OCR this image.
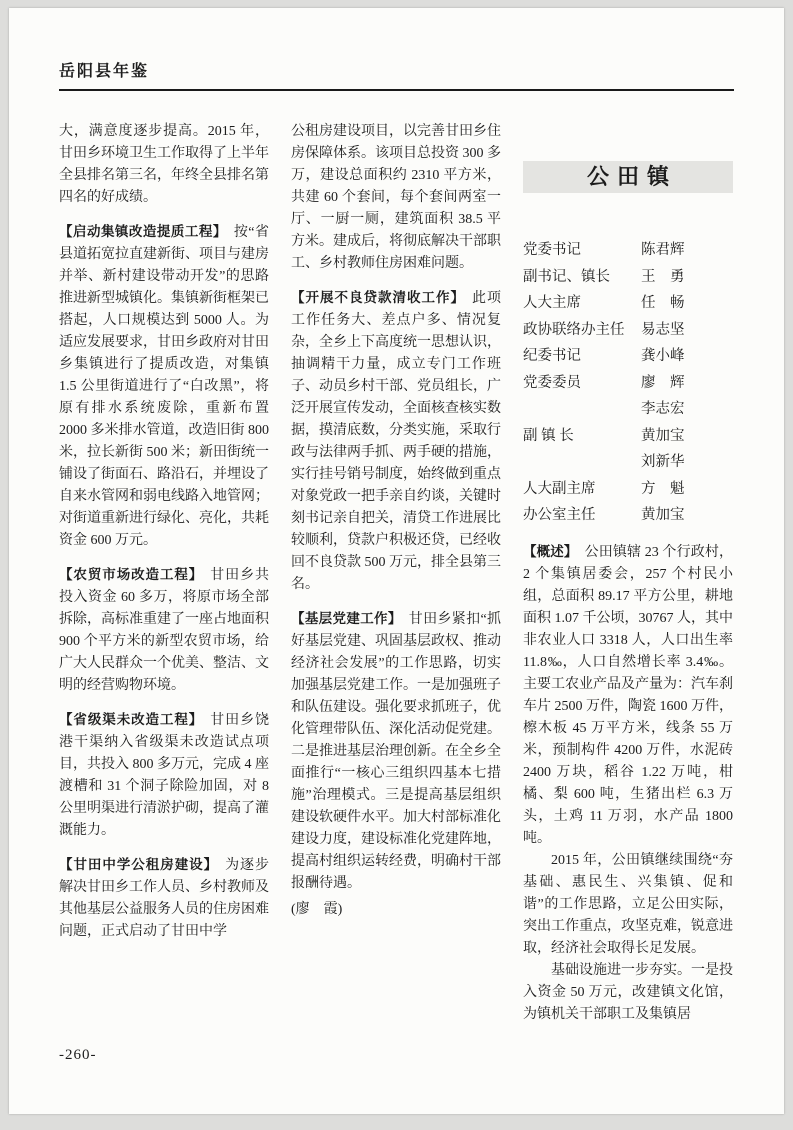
岳阳县年鉴

大，满意度逐步提高。2015 年，甘田乡环境卫生工作取得了上半年全县排名第三名，年终全县排名第四名的好成绩。

【启动集镇改造提质工程】 按“省县道拓宽拉直建新街、项目与建房并举、新村建设带动开发”的思路推进新型城镇化。集镇新街框架已搭起，人口规模达到 5000 人。为适应发展要求，甘田乡政府对甘田乡集镇进行了提质改造，对集镇 1.5 公里街道进行了“白改黑”，将原有排水系统废除，重新布置 2000 多米排水管道，改造旧街 800 米，拉长新街 500 米；新田街统一铺设了街面石、路沿石，并埋设了自来水管网和弱电线路入地管网；对街道重新进行绿化、亮化，共耗资金 600 万元。

【农贸市场改造工程】 甘田乡共投入资金 60 多万，将原市场全部拆除，高标准重建了一座占地面积 900 个平方米的新型农贸市场，给广大人民群众一个优美、整洁、文明的经营购物环境。

【省级渠未改造工程】 甘田乡饶港干渠纳入省级渠未改造试点项目，共投入 800 多万元，完成 4 座渡槽和 31 个洞子除险加固，对 8 公里明渠进行清淤护砌，提高了灌溉能力。

【甘田中学公租房建设】 为逐步解决甘田乡工作人员、乡村教师及其他基层公益服务人员的住房困难问题，正式启动了甘田中学

公租房建设项目，以完善甘田乡住房保障体系。该项目总投资 300 多万，建设总面积约 2310 平方米，共建 60 个套间，每个套间两室一厅、一厨一厕，建筑面积 38.5 平方米。建成后，将彻底解决干部职工、乡村教师住房困难问题。

【开展不良贷款清收工作】 此项工作任务大、差点户多、情况复杂，全乡上下高度统一思想认识，抽调精干力量，成立专门工作班子、动员乡村干部、党员组长，广泛开展宣传发动，全面核查核实数据，摸清底数，分类实施，采取行政与法律两手抓、两手硬的措施，实行挂号销号制度，始终做到重点对象党政一把手亲自约谈，关键时刻书记亲自把关，清贷工作进展比较顺利，贷款户积极还贷，已经收回不良贷款 500 万元，排全县第三名。

【基层党建工作】 甘田乡紧扣“抓好基层党建、巩固基层政权、推动经济社会发展”的工作思路，切实加强基层党建工作。一是加强班子和队伍建设。强化要求抓班子，优化管理带队伍、深化活动促党建。二是推进基层治理创新。在全乡全面推行“一核心三组织四基本七措施”治理模式。三是提高基层组织建设软硬件水平。加大村部标准化建设力度，建设标准化党建阵地，提高村组织运转经费，明确村干部报酬待遇。

(廖　霞)

公田镇
党委书记	陈君辉
副书记、镇长	王　勇
人大主席	任　畅
政协联络办主任	易志坚
纪委书记	龚小峰
党委委员	廖　辉
李志宏
副 镇 长	黄加宝
刘新华
人大副主席	方　魁
办公室主任	黄加宝

【概述】 公田镇辖 23 个行政村，2 个集镇居委会，257 个村民小组，总面积 89.17 平方公里，耕地面积 1.07 千公顷，30767 人，其中非农业人口 3318 人，人口出生率 11.8‰，人口自然增长率 3.4‰。主要工农业产品及产量为：汽车刹车片 2500 万件，陶瓷 1600 万件，檫木板 45 万平方米，线条 55 万米，预制构件 4200 万件，水泥砖 2400 万块，稻谷 1.22 万吨，柑橘、梨 600 吨，生猪出栏 6.3 万头，土鸡 11 万羽，水产品 1800 吨。

2015 年，公田镇继续围绕“夯基础、惠民生、兴集镇、促和谐”的工作思路，立足公田实际，突出工作重点，攻坚克难，锐意进取，经济社会取得长足发展。

基础设施进一步夯实。一是投入资金 50 万元，改建镇文化馆，为镇机关干部职工及集镇居

-260-
